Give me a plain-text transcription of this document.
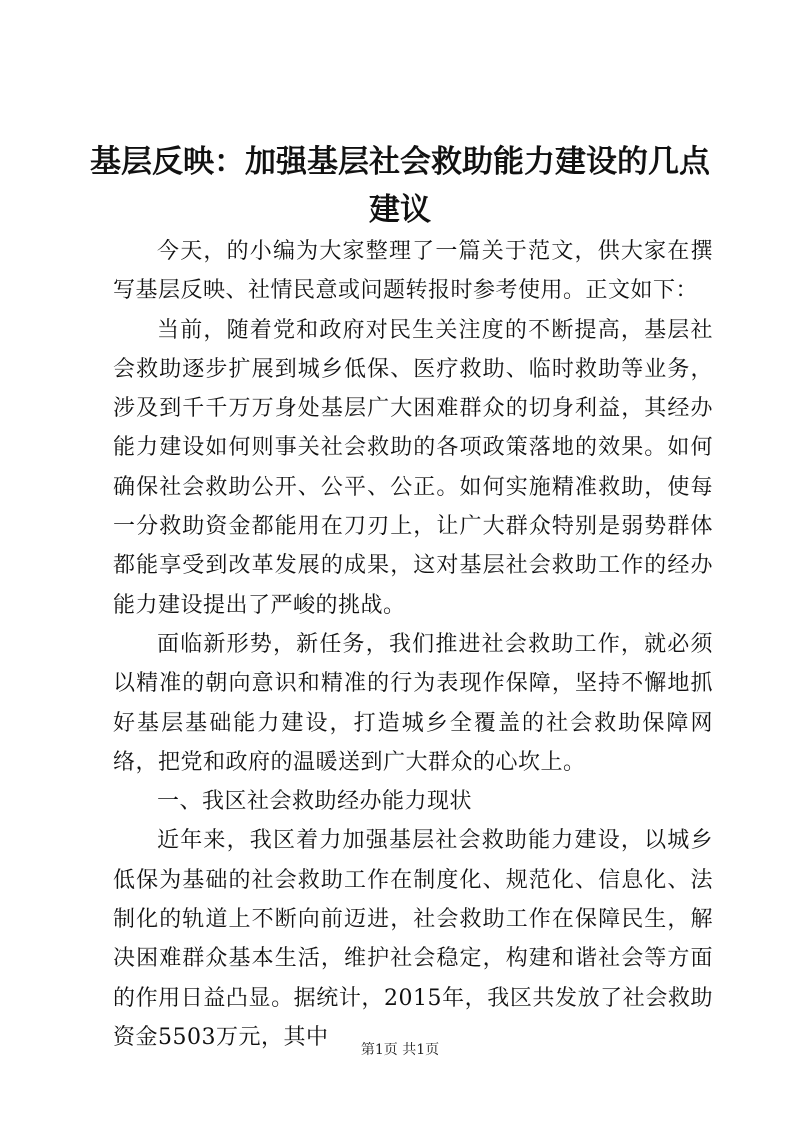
基层反映：加强基层社会救助能力建设的几点建议

今天，的小编为大家整理了一篇关于范文，供大家在撰写基层反映、社情民意或问题转报时参考使用。正文如下：

当前，随着党和政府对民生关注度的不断提高，基层社会救助逐步扩展到城乡低保、医疗救助、临时救助等业务，涉及到千千万万身处基层广大困难群众的切身利益，其经办能力建设如何则事关社会救助的各项政策落地的效果。如何确保社会救助公开、公平、公正。如何实施精准救助，使每一分救助资金都能用在刀刃上，让广大群众特别是弱势群体都能享受到改革发展的成果，这对基层社会救助工作的经办能力建设提出了严峻的挑战。

面临新形势，新任务，我们推进社会救助工作，就必须以精准的朝向意识和精准的行为表现作保障，坚持不懈地抓好基层基础能力建设，打造城乡全覆盖的社会救助保障网络，把党和政府的温暖送到广大群众的心坎上。

一、我区社会救助经办能力现状

近年来，我区着力加强基层社会救助能力建设，以城乡低保为基础的社会救助工作在制度化、规范化、信息化、法制化的轨道上不断向前迈进，社会救助工作在保障民生，解决困难群众基本生活，维护社会稳定，构建和谐社会等方面的作用日益凸显。据统计，2015年，我区共发放了社会救助资金5503万元，其中

第1页 共1页
